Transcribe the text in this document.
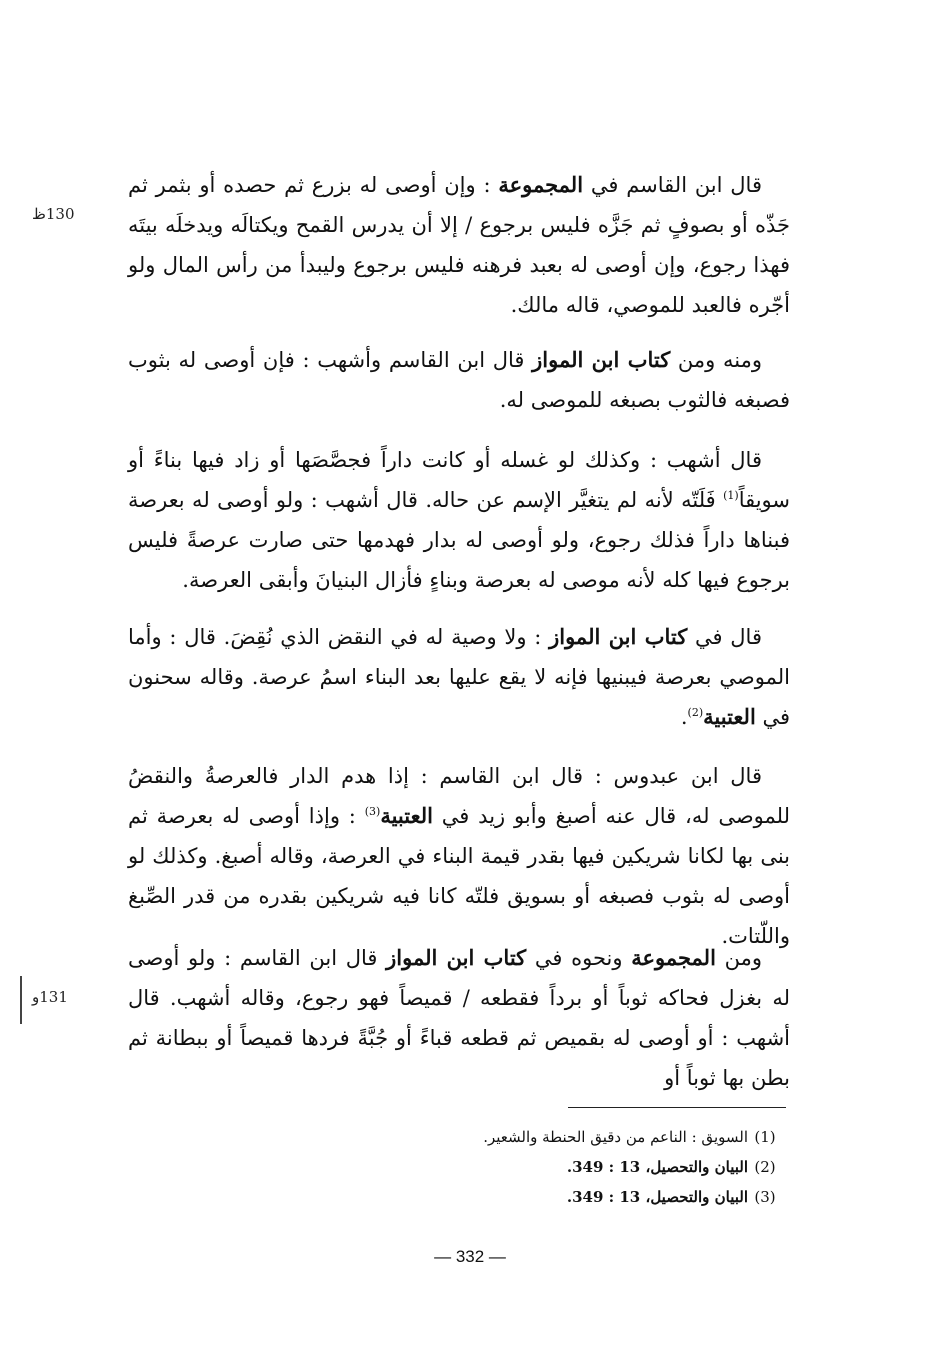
130ظ
131و

قال ابن القاسم في المجموعة : وإن أوصى له بزرع ثم حصده أو بثمر ثم جَذّه أو بصوفٍ ثم جَزَّه فليس برجوع / إلا أن يدرس القمح ويكتالَه ويدخلَه بيتَه فهذا رجوع، وإن أوصى له بعبد فرهنه فليس برجوع وليبدأ من رأس المال ولو أجّره فالعبد للموصي، قاله مالك.

ومنه ومن كتاب ابن المواز قال ابن القاسم وأشهب : فإن أوصى له بثوب فصبغه فالثوب بصبغه للموصى له.

قال أشهب : وكذلك لو غسله أو كانت داراً فجصَّصَها أو زاد فيها بناءً أو سويقاً$^{(1)}$ فَلَتّه لأنه لم يتغيَّر الإسم عن حاله. قال أشهب : ولو أوصى له بعرصة فبناها داراً فذلك رجوع، ولو أوصى له بدار فهدمها حتى صارت عرصةً فليس برجوع فيها كله لأنه موصى له بعرصة وبناءٍ فأزال البنيانَ وأبقى العرصة.

قال في كتاب ابن المواز : ولا وصية له في النقض الذي نُقِضَ. قال : وأما الموصي بعرصة فيبنيها فإنه لا يقع عليها بعد البناء اسمُ عرصة. وقاله سحنون في العتبية$^{(2)}$.

قال ابن عبدوس : قال ابن القاسم : إذا هدم الدار فالعرصةُ والنقضُ للموصى له، قال عنه أصبغ وأبو زيد في العتبية$^{(3)}$ : وإذا أوصى له بعرصة ثم بنى بها لكانا شريكين فيها بقدر قيمة البناء في العرصة، وقاله أصبغ. وكذلك لو أوصى له بثوب فصبغه أو بسويق فلتّه كانا فيه شريكين بقدره من قدر الصِّبغ واللّتات.

ومن المجموعة ونحوه في كتاب ابن المواز قال ابن القاسم : ولو أوصى له بغزل فحاكه ثوباً أو برداً فقطعه / قميصاً فهو رجوع، وقاله أشهب. قال أشهب : أو أوصى له بقميص ثم قطعه قباءً أو جُبَّةً فردها قميصاً أو ببطانة ثم بطن بها ثوباً أو

(1)
السويق : الناعم من دقيق الحنطة والشعير.
(2)
البيان والتحصيل، 13 : 349.
(3)
البيان والتحصيل، 13 : 349.
— 332 —
